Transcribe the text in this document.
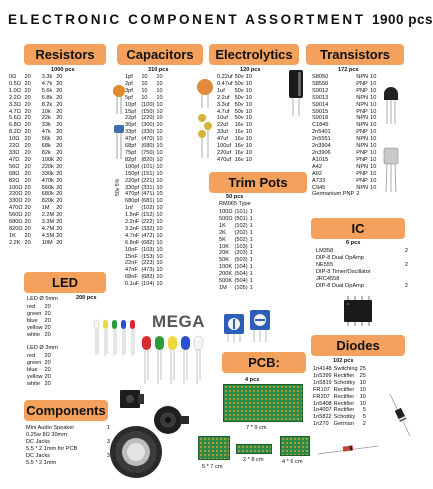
ELECTRONIC COMPONENT ASSORTMENT 1900 pcs
Resistors
1000 pcs
0Ω	20	3.3k	20
0.5Ω	20	4.7k	20
1.0Ω	20	5.6k	20
2.2Ω	20	6.8k	20
3.3Ω	20	8.2k	20
4.7Ω	20	10k	20
5.6Ω	20	22k	20
6.8Ω	20	33k	20
8.2Ω	20	47k	20
10Ω	20	56k	20
22Ω	20	68k	20
33Ω	20	82k	20
47Ω	20	100k	20
56Ω	20	220k	20
68Ω	20	330k	20
82Ω	20	470k	20
100Ω	20	560k	20
220Ω	20	680k	20
330Ω	20	820k	20
470Ω	20	1M	20
560Ω	20	2.2M	20
680Ω	20	3.3M	20
820Ω	20	4.7M	20
1K	20	4.5M	20
2.2K	20	10M	20
Capacitors
310 pcs
1pf	10	10
2pf	10	10
3pf	10	10
5pf	10	10
10pf	(100)	10
15pf	(150)	10
22pf	(220)	10
30pf	(300)	10
33pf	(330)	10
47pf	(470)	10
68pf	(680)	10
75pf	(750)	10
82pf	(820)	10
100pf	(101)	10
150pf	(151)	10
220pf	(221)	10
330pf	(331)	10
470pf	(471)	10
680pf	(681)	10
1nf	(102)	10
1.5nF	(152)	10
2.2nF	(222)	10
3.3nF	(332)	10
4.7nF	(472)	10
6.8nF	(682)	10
10nF	(103)	10
15nF	(153)	10
22nF	(223)	10
47nF	(473)	10
68nF	(683)	10
0.1uF	(104)	10
50v 5%
Electrolytics
120 pcs
0.22uf	50v	10
0.47uf	50v	10
1uf	50v	10
2.2uf	50v	10
3.3uf	50v	10
4.7uf	50v	10
10uf	50v	10
22uf	16v	10
33uf	16v	10
47uf	16v	10
100uf	16v	10
220uf	16v	10
470uf	16v	10
Transistors
172 pcs
S8050	NPN	10
S8550	PNP	10
S9012	PNP	10
S9013	NPN	10
S9014	NPN	10
S9015	PNP	10
S9018	NPN	10
C1845	NPN	10
2n5401	PNP	10
2n5551	NPN	10
2n3904	NPN	10
2n3906	PNP	10
A1015	PNP	10
A42	NPN	10
A92	PNP	10
A733	PNP	10
C945	NPN	10
Germanium PNP	2	
Trim Pots
50 pcs
RM065 Type
100Ω	(101)	1
500Ω	(501)	1
1K	(102)	1
2K	(202)	1
5K	(502)	1
10K	(103)	1
20K	(203)	1
50K	(503)	1
100K	(104)	1
200K	(504)	1
500K	(504)	1
1M	(105)	1
IC
6 pcs
LM358	2
DIP-8 Dual OpAmp
NE555	2
DIP-8 Timer/Oscillator
JRC4558
DIP-8 Dual OpAmp	2
LED
200 pcs
LED Ø 5mm
red	20
green	20
blue	20
yellow	20
white	20
LED Ø 3mm
red	20
green	20
blue	20
yellow	20
white	20
MEGA
PCB:
4 pcs
7 * 9 cm
5 * 7 cm
2 * 8 cm	4 * 6 cm
Diodes
102 pcs
1n4148	Switching	25
1n5399	Rectifier	25
1n5819	Schottky	10
FR107	Rectifier	10
FR207	Rectifier	10
1n5408	Rectifier	10
1n4007	Rectifier	5
1n5822	Schottky	5
1n270	German	2
Components
Mini Audio Speaker	1
0.25w 8Ω 30mm
DC Jacks	3
5.5 * 2.1mm for PCB
DC Jacks	3
5.5 * 2.1mm
